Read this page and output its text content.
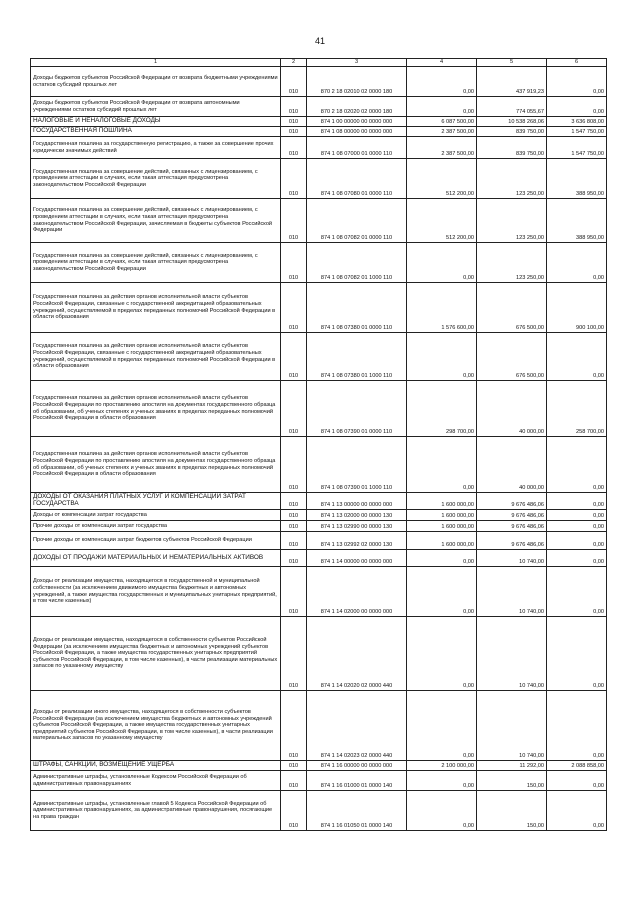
41
1	2	3	4	5	6
Доходы бюджетов субъектов Российской Федерации от возврата бюджетными учреждениями остатков субсидий прошлых лет	010	870 2 18 02010 02 0000 180	0,00	437 919,23	0,00
Доходы бюджетов субъектов Российской Федерации от возврата автономными учреждениями остатков субсидий прошлых лет	010	870 2 18 02020 02 0000 180	0,00	774 055,67	0,00
НАЛОГОВЫЕ И НЕНАЛОГОВЫЕ ДОХОДЫ	010	874 1 00 00000 00 0000 000	6 087 500,00	10 538 268,06	3 636 808,00
ГОСУДАРСТВЕННАЯ ПОШЛИНА	010	874 1 08 00000 00 0000 000	2 387 500,00	839 750,00	1 547 750,00
Государственная пошлина за государственную регистрацию, а также за совершение прочих юридически значимых действий	010	874 1 08 07000 01 0000 110	2 387 500,00	839 750,00	1 547 750,00
Государственная пошлина за совершение действий, связанных с лицензированием, с проведением аттестации в случаях, если такая аттестация предусмотрена законодательством Российской Федерации	010	874 1 08 07080 01 0000 110	512 200,00	123 250,00	388 950,00
Государственная пошлина за совершение действий, связанных с лицензированием, с проведением аттестации в случаях, если такая аттестация предусмотрена законодательством Российской Федерации, зачисляемая в бюджеты субъектов Российской Федерации	010	874 1 08 07082 01 0000 110	512 200,00	123 250,00	388 950,00
Государственная пошлина за совершение действий, связанных с лицензированием, с проведением аттестации в случаях, если такая аттестация предусмотрена законодательством Российской Федерации	010	874 1 08 07082 01 1000 110	0,00	123 250,00	0,00
Государственная пошлина за действия органов исполнительной власти субъектов Российской Федерации, связанные с государственной аккредитацией образовательных учреждений, осуществляемой в пределах переданных полномочий Российской Федерации в области образования	010	874 1 08 07380 01 0000 110	1 576 600,00	676 500,00	900 100,00
Государственная пошлина за действия органов исполнительной власти субъектов Российской Федерации, связанные с государственной аккредитацией образовательных учреждений, осуществляемой в пределах переданных полномочий Российской Федерации в области образования	010	874 1 08 07380 01 1000 110	0,00	676 500,00	0,00
Государственная пошлина за действия органов исполнительной власти субъектов Российской Федерации по проставлению апостиля на документах государственного образца об образовании, об ученых степенях и ученых званиях в пределах переданных полномочий Российской Федерации в области образования	010	874 1 08 07390 01 0000 110	298 700,00	40 000,00	258 700,00
Государственная пошлина за действия органов исполнительной власти субъектов Российской Федерации по проставлению апостиля на документах государственного образца об образовании, об ученых степенях и ученых званиях в пределах переданных полномочий Российской Федерации в области образования	010	874 1 08 07390 01 1000 110	0,00	40 000,00	0,00
ДОХОДЫ ОТ ОКАЗАНИЯ ПЛАТНЫХ УСЛУГ И КОМПЕНСАЦИИ ЗАТРАТ ГОСУДАРСТВА	010	874 1 13 00000 00 0000 000	1 600 000,00	9 676 486,06	0,00
Доходы от компенсации затрат государства	010	874 1 13 02000 00 0000 130	1 600 000,00	9 676 486,06	0,00
Прочие доходы от компенсации затрат государства	010	874 1 13 02990 00 0000 130	1 600 000,00	9 676 486,06	0,00
Прочие доходы от компенсации затрат бюджетов субъектов Российской Федерации	010	874 1 13 02992 02 0000 130	1 600 000,00	9 676 486,06	0,00
ДОХОДЫ ОТ ПРОДАЖИ МАТЕРИАЛЬНЫХ И НЕМАТЕРИАЛЬНЫХ АКТИВОВ	010	874 1 14 00000 00 0000 000	0,00	10 740,00	0,00
Доходы от реализации имущества, находящегося в государственной и муниципальной собственности (за исключением движимого имущества бюджетных и автономных учреждений, а также имущества государственных и муниципальных унитарных предприятий, в том числе казенных)	010	874 1 14 02000 00 0000 000	0,00	10 740,00	0,00
Доходы от реализации имущества, находящегося в собственности субъектов Российской Федерации (за исключением имущества бюджетных и автономных учреждений субъектов Российской Федерации, а также имущества государственных унитарных предприятий субъектов Российской Федерации, в том числе казенных), в части реализации материальных запасов по указанному имуществу	010	874 1 14 02020 02 0000 440	0,00	10 740,00	0,00
Доходы от реализации иного имущества, находящегося в собственности субъектов Российской Федерации (за исключением имущества бюджетных и автономных учреждений субъектов Российской Федерации, а также имущества государственных унитарных предприятий субъектов Российской Федерации, в том числе казенных), в части реализации материальных запасов по указанному имуществу	010	874 1 14 02023 02 0000 440	0,00	10 740,00	0,00
ШТРАФЫ, САНКЦИИ, ВОЗМЕЩЕНИЕ УЩЕРБА	010	874 1 16 00000 00 0000 000	2 100 000,00	11 292,00	2 088 858,00
Административные штрафы, установленные Кодексом Российской Федерации об административных правонарушениях	010	874 1 16 01000 01 0000 140	0,00	150,00	0,00
Административные штрафы, установленные главой 5 Кодекса Российской Федерации об административных правонарушениях, за административные правонарушения, посягающие на права граждан	010	874 1 16 01050 01 0000 140	0,00	150,00	0,00
